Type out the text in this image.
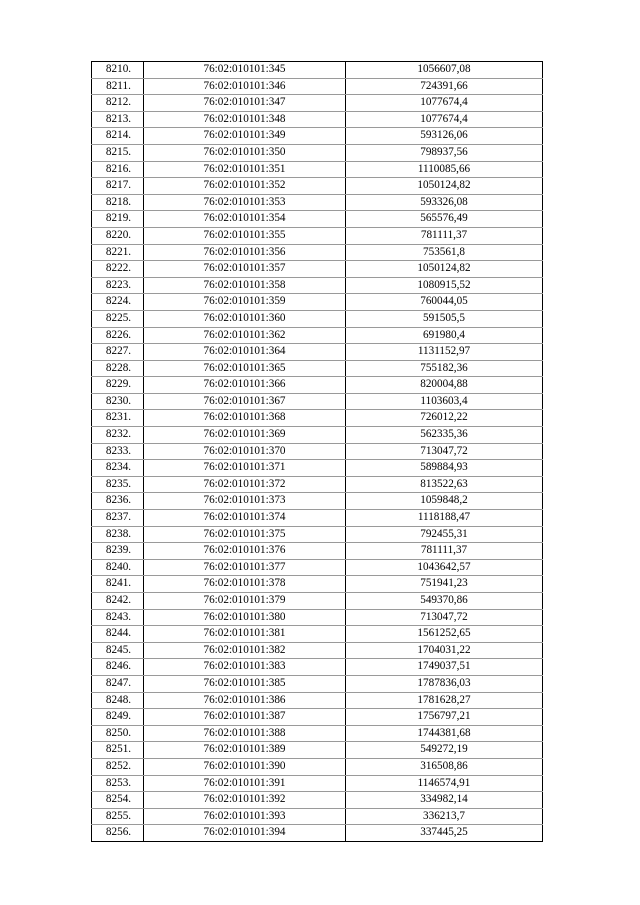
8210.	76:02:010101:345	1056607,08
8211.	76:02:010101:346	724391,66
8212.	76:02:010101:347	1077674,4
8213.	76:02:010101:348	1077674,4
8214.	76:02:010101:349	593126,06
8215.	76:02:010101:350	798937,56
8216.	76:02:010101:351	1110085,66
8217.	76:02:010101:352	1050124,82
8218.	76:02:010101:353	593326,08
8219.	76:02:010101:354	565576,49
8220.	76:02:010101:355	781111,37
8221.	76:02:010101:356	753561,8
8222.	76:02:010101:357	1050124,82
8223.	76:02:010101:358	1080915,52
8224.	76:02:010101:359	760044,05
8225.	76:02:010101:360	591505,5
8226.	76:02:010101:362	691980,4
8227.	76:02:010101:364	1131152,97
8228.	76:02:010101:365	755182,36
8229.	76:02:010101:366	820004,88
8230.	76:02:010101:367	1103603,4
8231.	76:02:010101:368	726012,22
8232.	76:02:010101:369	562335,36
8233.	76:02:010101:370	713047,72
8234.	76:02:010101:371	589884,93
8235.	76:02:010101:372	813522,63
8236.	76:02:010101:373	1059848,2
8237.	76:02:010101:374	1118188,47
8238.	76:02:010101:375	792455,31
8239.	76:02:010101:376	781111,37
8240.	76:02:010101:377	1043642,57
8241.	76:02:010101:378	751941,23
8242.	76:02:010101:379	549370,86
8243.	76:02:010101:380	713047,72
8244.	76:02:010101:381	1561252,65
8245.	76:02:010101:382	1704031,22
8246.	76:02:010101:383	1749037,51
8247.	76:02:010101:385	1787836,03
8248.	76:02:010101:386	1781628,27
8249.	76:02:010101:387	1756797,21
8250.	76:02:010101:388	1744381,68
8251.	76:02:010101:389	549272,19
8252.	76:02:010101:390	316508,86
8253.	76:02:010101:391	1146574,91
8254.	76:02:010101:392	334982,14
8255.	76:02:010101:393	336213,7
8256.	76:02:010101:394	337445,25
